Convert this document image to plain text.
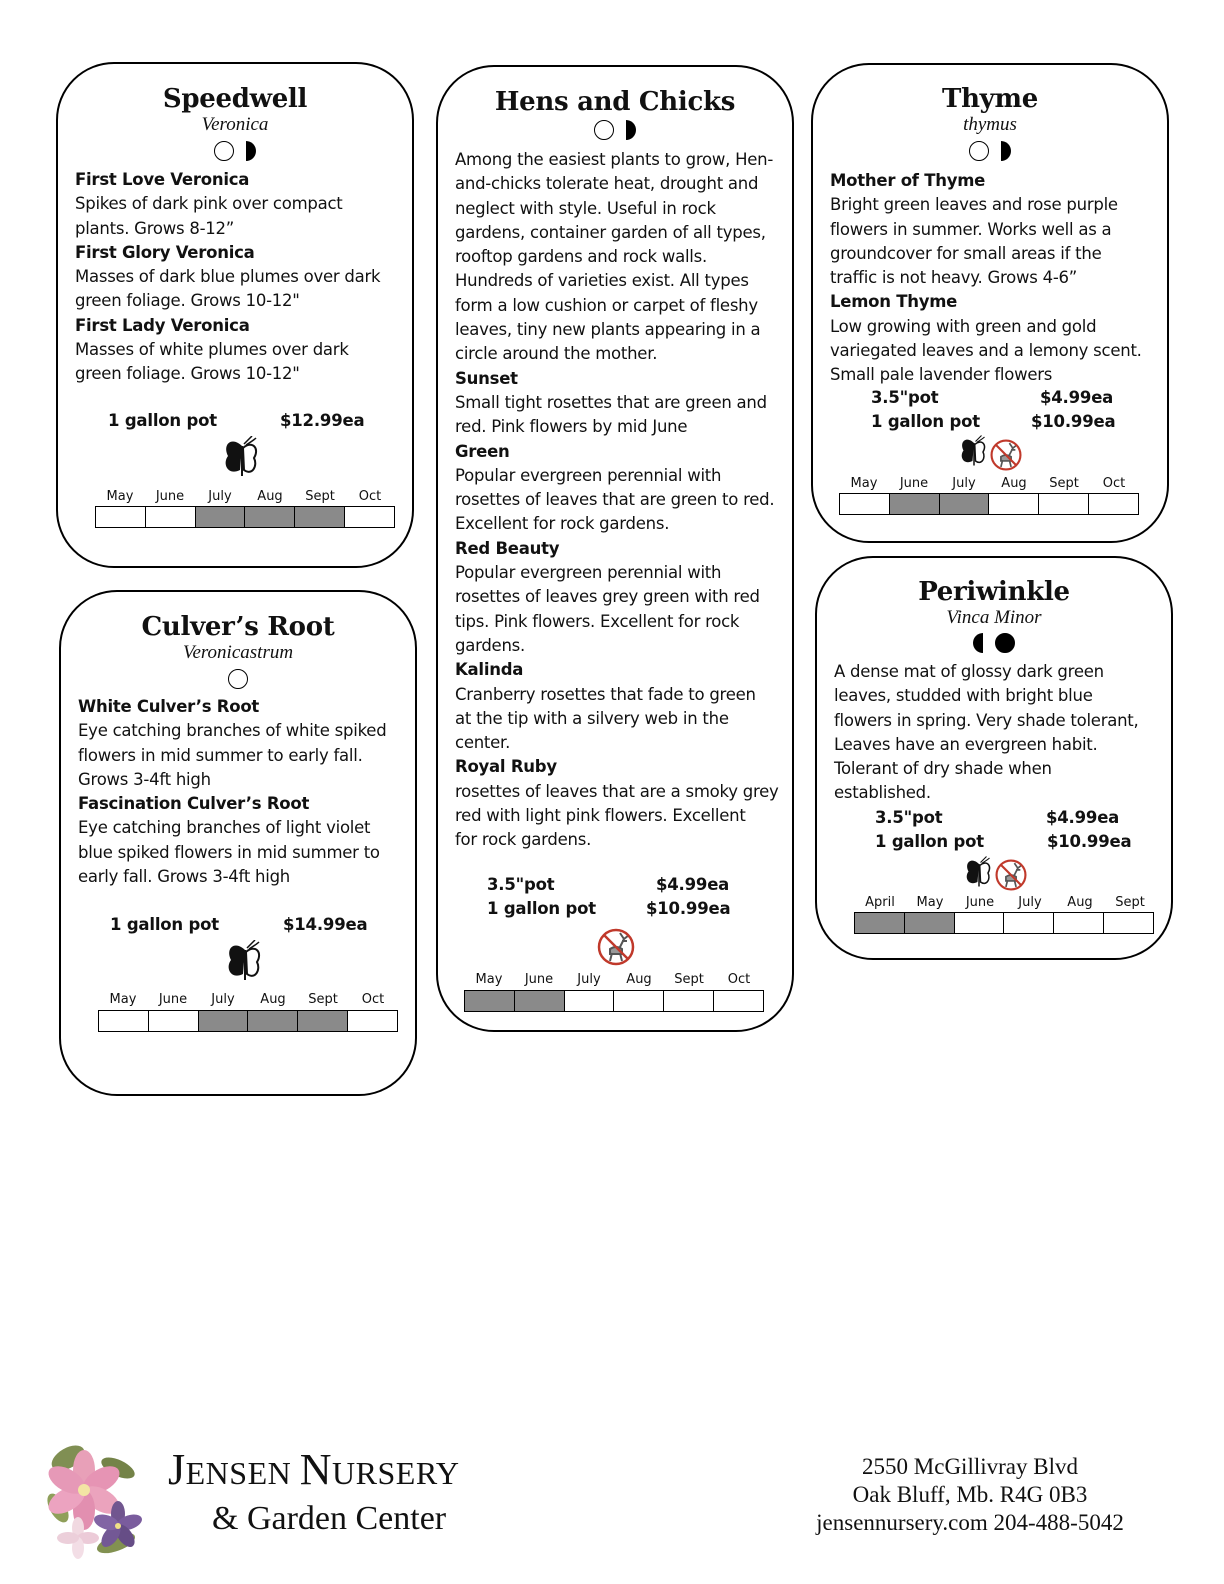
Speedwell
Veronica
First Love Veronica
Spikes of dark pink over compact
plants. Grows 8-12”
First Glory Veronica
Masses of dark blue plumes over dark
green foliage. Grows 10-12"
First Lady Veronica
Masses of white plumes over dark
green foliage. Grows 10-12"
1 gallon pot	$12.99ea
May	June	July	Aug	Sept	Oct
Culver’s Root
Veronicastrum
White Culver’s Root
Eye catching branches of white spiked
flowers in mid summer to early fall.
Grows 3-4ft high
Fascination Culver’s Root
Eye catching branches of light violet
blue spiked flowers in mid summer to
early fall. Grows 3-4ft high
1 gallon pot	$14.99ea
May	June	July	Aug	Sept	Oct
Hens and Chicks
Among the easiest plants to grow, Hen-
and-chicks tolerate heat, drought and
neglect with style. Useful in rock
gardens, container garden of all types,
rooftop gardens and rock walls.
Hundreds of varieties exist. All types
form a low cushion or carpet of fleshy
leaves, tiny new plants appearing in a
circle around the mother.
Sunset
Small tight rosettes that are green and
red. Pink flowers by mid June
Green
Popular evergreen perennial with
rosettes of leaves that are green to red.
Excellent for rock gardens.
Red Beauty
Popular evergreen perennial with
rosettes of leaves grey green with red
tips. Pink flowers. Excellent for rock
gardens.
Kalinda
Cranberry rosettes that fade to green
at the tip with a silvery web in the
center.
Royal Ruby
rosettes of leaves that are a smoky grey
red with light pink flowers. Excellent
for rock gardens.
3.5"pot	$4.99ea
1 gallon pot	$10.99ea
May	June	July	Aug	Sept	Oct
Thyme
thymus
Mother of Thyme
Bright green leaves and rose purple
flowers in summer. Works well as a
groundcover for small areas if the
traffic is not heavy. Grows 4-6”
Lemon Thyme
Low growing with green and gold
variegated leaves and a lemony scent.
Small pale lavender flowers
3.5"pot	$4.99ea
1 gallon pot	$10.99ea
May	June	July	Aug	Sept	Oct
Periwinkle
Vinca Minor
A dense mat of glossy dark green
leaves, studded with bright blue
flowers in spring. Very shade tolerant,
Leaves have an evergreen habit.
Tolerant of dry shade when
established.
3.5"pot	$4.99ea
1 gallon pot	$10.99ea
April	May	June	July	Aug	Sept
JENSEN NURSERY
& Garden Center
2550 McGillivray Blvd
Oak Bluff, Mb. R4G 0B3
jensennursery.com 204-488-5042
